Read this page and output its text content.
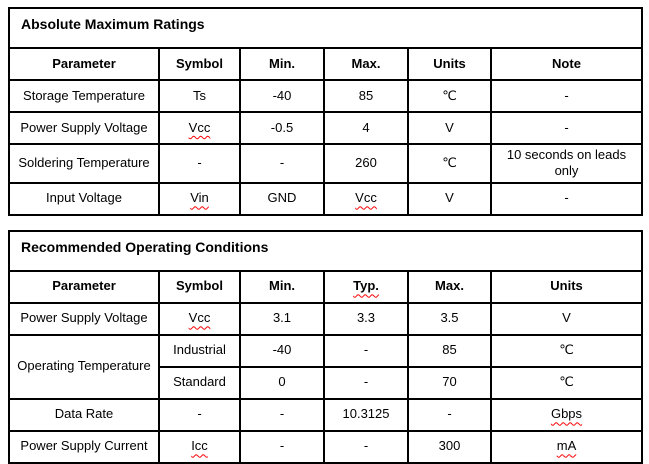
Absolute Maximum Ratings					
Parameter	Symbol	Min.	Max.	Units	Note
Storage Temperature	Ts	-40	85	℃	-
Power Supply Voltage	Vcc	-0.5	4	V	-
Soldering Temperature	-	-	260	℃	10 seconds on leads only
Input Voltage	Vin	GND	Vcc	V	-
Recommended Operating Conditions					
Parameter	Symbol	Min.	Typ.	Max.	Units
Power Supply Voltage	Vcc	3.1	3.3	3.5	V
Operating Temperature	Industrial	-40	-	85	℃
	Standard	0	-	70	℃
Data Rate	-	-	10.3125	-	Gbps
Power Supply Current	Icc	-	-	300	mA
